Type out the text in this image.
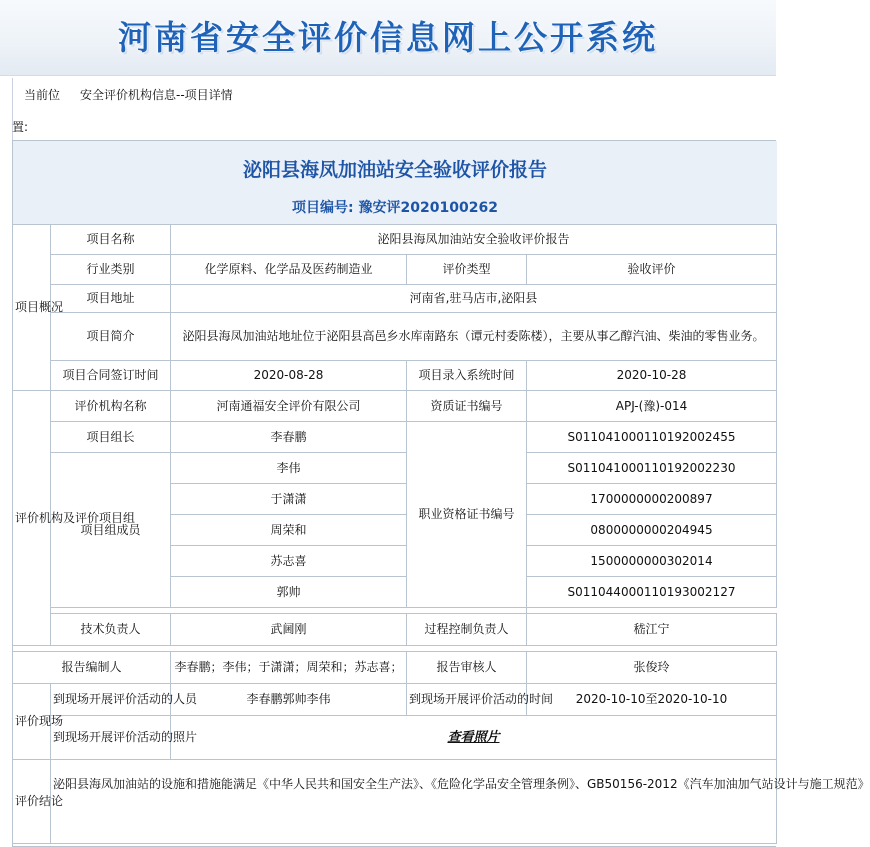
河南省安全评价信息网上公开系统
当前位 安全评价机构信息--项目详情
置:
泌阳县海凤加油站安全验收评价报告
项目编号: 豫安评2020100262
项目概况	项目名称	泌阳县海凤加油站安全验收评价报告		
	行业类别	化学原料、化学品及医药制造业	评价类型	验收评价
	项目地址	河南省,驻马店市,泌阳县		
	项目简介	泌阳县海凤加油站地址位于泌阳县高邑乡水库南路东（谭元村委陈楼），主要从事乙醇汽油、柴油的零售业务。		
	项目合同签订时间	2020-08-28	项目录入系统时间	2020-10-28
评价机构及评价项目组	评价机构名称	河南通福安全评价有限公司	资质证书编号	APJ-(豫)-014
	项目组长	李春鹏	职业资格证书编号	S011041000110192002455
	项目组成员	李伟		S011041000110192002230
		于潇潇		1700000000200897
		周荣和		0800000000204945
		苏志喜		1500000000302014
		郭帅		S011044000110193002127

	技术负责人	武阃刚	过程控制负责人	嵇江宁

报告编制人		李春鹏；李伟；于潇潇；周荣和；苏志喜；	报告审核人	张俊玲
评价现场	到现场开展评价活动的人员	李春鹏郭帅李伟	到现场开展评价活动的时间	2020-10-10至2020-10-10
	到现场开展评价活动的照片	查看照片		
评价结论	泌阳县海凤加油站的设施和措施能满足《中华人民共和国安全生产法》、《危险化学品安全管理条例》、GB50156-2012《汽车加油加气站设计与施工规范》			
